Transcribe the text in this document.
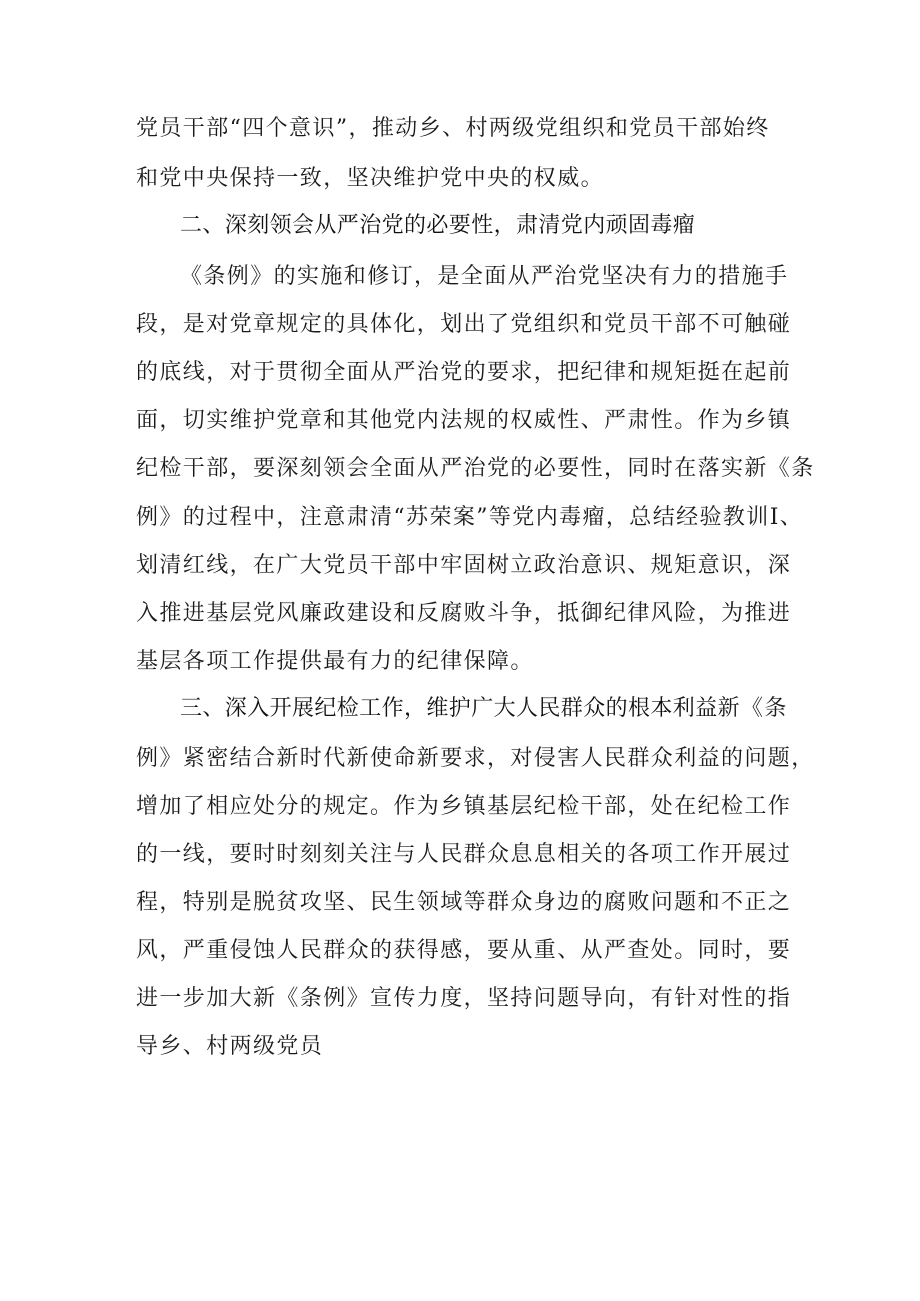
党员干部“四个意识”，推动乡、村两级党组织和党员干部始终
和党中央保持一致，坚决维护党中央的权威。
二、深刻领会从严治党的必要性，肃清党内顽固毒瘤
《条例》的实施和修订，是全面从严治党坚决有力的措施手
段，是对党章规定的具体化，划出了党组织和党员干部不可触碰
的底线，对于贯彻全面从严治党的要求，把纪律和规矩挺在起前
面，切实维护党章和其他党内法规的权威性、严肃性。作为乡镇
纪检干部，要深刻领会全面从严治党的必要性，同时在落实新《条
例》的过程中，注意肃清“苏荣案”等党内毒瘤，总结经验教训I、
划清红线，在广大党员干部中牢固树立政治意识、规矩意识，深
入推进基层党风廉政建设和反腐败斗争，抵御纪律风险，为推进
基层各项工作提供最有力的纪律保障。
三、深入开展纪检工作，维护广大人民群众的根本利益新《条
例》紧密结合新时代新使命新要求，对侵害人民群众利益的问题，
增加了相应处分的规定。作为乡镇基层纪检干部，处在纪检工作
的一线，要时时刻刻关注与人民群众息息相关的各项工作开展过
程，特别是脱贫攻坚、民生领域等群众身边的腐败问题和不正之
风，严重侵蚀人民群众的获得感，要从重、从严查处。同时，要
进一步加大新《条例》宣传力度，坚持问题导向，有针对性的指
导乡、村两级党员
